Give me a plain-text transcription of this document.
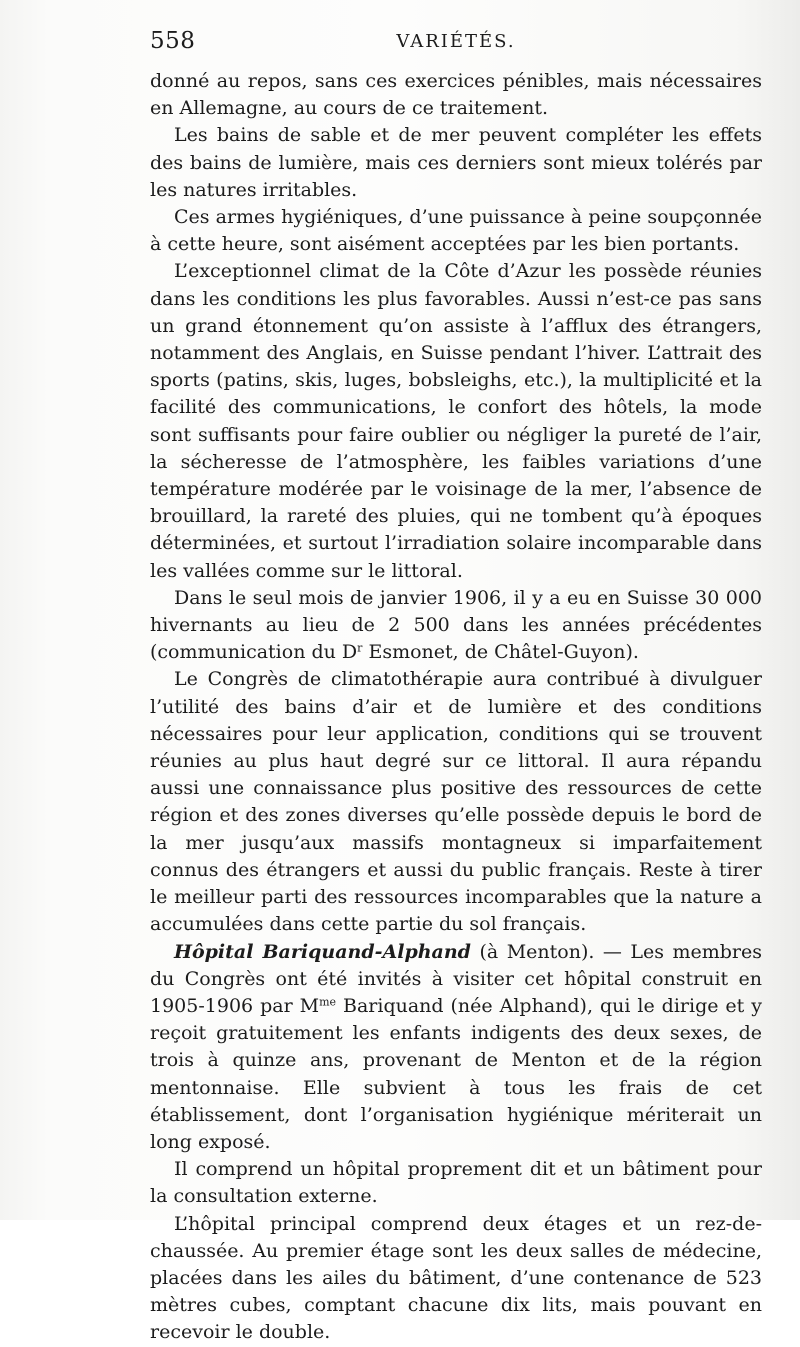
558	VARIÉTÉS.

donné au repos, sans ces exercices pénibles, mais nécessaires en Allemagne, au cours de ce traitement.

Les bains de sable et de mer peuvent compléter les effets des bains de lumière, mais ces derniers sont mieux tolérés par les natures irritables.

Ces armes hygiéniques, d’une puissance à peine soupçonnée à cette heure, sont aisément acceptées par les bien portants.

L’exceptionnel climat de la Côte d’Azur les possède réunies dans les conditions les plus favorables. Aussi n’est-ce pas sans un grand étonnement qu’on assiste à l’afflux des étrangers, notamment des Anglais, en Suisse pendant l’hiver. L’attrait des sports (patins, skis, luges, bobsleighs, etc.), la multiplicité et la facilité des communications, le confort des hôtels, la mode sont suffisants pour faire oublier ou négliger la pureté de l’air, la sécheresse de l’atmosphère, les faibles variations d’une température modérée par le voisinage de la mer, l’absence de brouillard, la rareté des pluies, qui ne tombent qu’à époques déterminées, et surtout l’irradiation solaire incomparable dans les vallées comme sur le littoral.

Dans le seul mois de janvier 1906, il y a eu en Suisse 30 000 hivernants au lieu de 2 500 dans les années précédentes (communication du $D^r$ Esmonet, de Châtel-Guyon).

Le Congrès de climatothérapie aura contribué à divulguer l’utilité des bains d’air et de lumière et des conditions nécessaires pour leur application, conditions qui se trouvent réunies au plus haut degré sur ce littoral. Il aura répandu aussi une connaissance plus positive des ressources de cette région et des zones diverses qu’elle possède depuis le bord de la mer jusqu’aux massifs montagneux si imparfaitement connus des étrangers et aussi du public français. Reste à tirer le meilleur parti des ressources incomparables que la nature a accumulées dans cette partie du sol français.

Hôpital Bariquand-Alphand (à Menton). — Les membres du Congrès ont été invités à visiter cet hôpital construit en 1905-1906 par $M^{me}$ Bariquand (née Alphand), qui le dirige et y reçoit gratuitement les enfants indigents des deux sexes, de trois à quinze ans, provenant de Menton et de la région mentonnaise. Elle subvient à tous les frais de cet établissement, dont l’organisation hygiénique mériterait un long exposé.

Il comprend un hôpital proprement dit et un bâtiment pour la consultation externe.

L’hôpital principal comprend deux étages et un rez-de-chaussée. Au premier étage sont les deux salles de médecine, placées dans les ailes du bâtiment, d’une contenance de 523 mètres cubes, comptant chacune dix lits, mais pouvant en recevoir le double.
